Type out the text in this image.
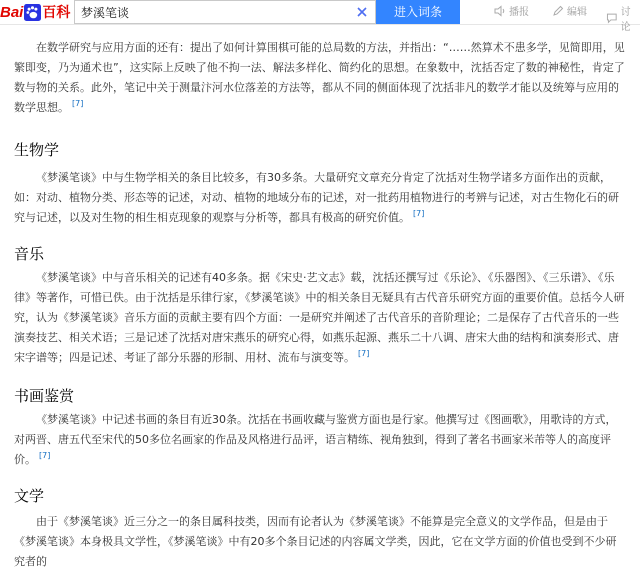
Bai 百科
梦溪笔谈	进入词条	播报	编辑	讨论

在数学研究与应用方面的还有：提出了如何计算围棋可能的总局数的方法，并指出：“……然算术不患多学，见简即用，见繁即变，乃为通术也”，这实际上反映了他不拘一法、解法多样化、简约化的思想。在象数中，沈括否定了数的神秘性，肯定了数与物的关系。此外，笔记中关于测量汴河水位落差的方法等，都从不同的侧面体现了沈括非凡的数学才能以及统筹与应用的数学思想。 [7]

生物学

《梦溪笔谈》中与生物学相关的条目比较多，有30多条。大量研究文章充分肯定了沈括对生物学诸多方面作出的贡献，如：对动、植物分类、形态等的记述，对动、植物的地域分布的记述，对一批药用植物进行的考辨与记述，对古生物化石的研究与记述，以及对生物的相生相克现象的观察与分析等，都具有极高的研究价值。 [7]

音乐

《梦溪笔谈》中与音乐相关的记述有40多条。据《宋史·艺文志》载，沈括还撰写过《乐论》、《乐器图》、《三乐谱》、《乐律》等著作，可惜已佚。由于沈括是乐律行家，《梦溪笔谈》中的相关条目无疑具有古代音乐研究方面的重要价值。总括今人研究，认为《梦溪笔谈》音乐方面的贡献主要有四个方面：一是研究并阐述了古代音乐的音阶理论；二是保存了古代音乐的一些演奏技艺、相关术语；三是记述了沈括对唐宋燕乐的研究心得，如燕乐起源、燕乐二十八调、唐宋大曲的结构和演奏形式、唐宋字谱等；四是记述、考证了部分乐器的形制、用材、流布与演变等。 [7]

书画鉴赏

《梦溪笔谈》中记述书画的条目有近30条。沈括在书画收藏与鉴赏方面也是行家。他撰写过《图画歌》，用歌诗的方式，对两晋、唐五代至宋代的50多位名画家的作品及风格进行品评，语言精练、视角独到，得到了著名书画家米芾等人的高度评价。 [7]

文学

由于《梦溪笔谈》近三分之一的条目属科技类，因而有论者认为《梦溪笔谈》不能算是完全意义的文学作品，但是由于《梦溪笔谈》本身极具文学性，《梦溪笔谈》中有20多个条目记述的内容属文学类，因此，它在文学方面的价值也受到不少研究者的
